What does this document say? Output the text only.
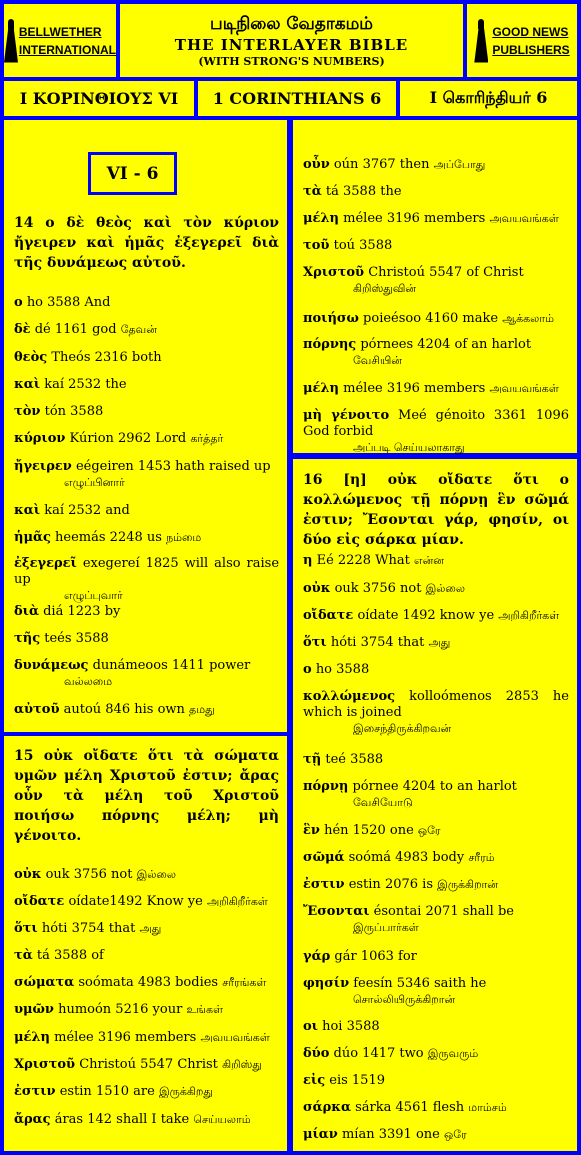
BELLWETHER
INTERNATIONAL
படிநிலை வேதாகமம்
THE INTERLAYER BIBLE
(WITH STRONG'S NUMBERS)
GOOD NEWS
PUBLISHERS
Ι ΚΟΡΙΝΘΙΟΥΣ VI	1 CORINTHIANS 6	I கொரிந்தியர் 6
VI - 6
14 ο δὲ θεὸς καὶ τὸν κύριον ἤγειρεν καὶ ἡμᾶς ἐξεγερεῖ διὰ τῆς δυνάμεως αὐτοῦ.
15 οὐκ οἴδατε ὅτι τὰ σώματα υμῶν μέλη Χριστοῦ ἐστιν; ἄρας οὖν τὰ μέλη τοῦ Χριστοῦ ποιήσω πόρνης μέλη; μὴ γένοιτο.
16 [η] οὐκ οἴδατε ὅτι ο κολλώμενος τῇ πόρνῃ ἓν σῶμά ἐστιν; Ἔσονται γάρ, φησίν, οι δύο εἰς σάρκα μίαν.
ο ho 3588 And
δὲ dé 1161 god தேவன்
θεὸς Theós 2316 both
καὶ kaí 2532 the
τὸν tón 3588
κύριον Kúrion 2962 Lord கர்த்தர்
ἤγειρεν eégeiren 1453 hath raised up
எழுப்பினார்
καὶ kaí 2532 and
ἡμᾶς heemás 2248 us நம்மை
ἐξεγερεῖ exegereí 1825 will also raise up
எழுப்புவார்
διὰ diá 1223 by
τῆς teés 3588
δυνάμεως dunámeoos 1411 power
வல்லமை
αὐτοῦ autoú 846 his own தமது
οὐκ ouk 3756 not இல்லை
οἴδατε oídate1492 Know ye அறிகிறீர்கள்
ὅτι hóti 3754 that அது
τὰ tá 3588 of
σώματα soómata 4983 bodies சரீரங்கள்
υμῶν humoón 5216 your உங்கள்
μέλη mélee 3196 members அவயவங்கள்
Χριστοῦ Christoú 5547 Christ கிறிஸ்து
ἐστιν estin 1510 are இருக்கிறது
ἄρας áras 142 shall I take செய்யலாம்
οὖν oún 3767 then அப்போது
τὰ tá 3588 the
μέλη mélee 3196 members அவயவங்கள்
τοῦ toú 3588
Χριστοῦ Christoú 5547 of Christ
கிறிஸ்துவின்
ποιήσω poieésoo 4160 make ஆக்கலாம்
πόρνης pórnees 4204 of an harlot
வேசியின்
μέλη mélee 3196 members அவயவங்கள்
μὴ γένοιτο Meé génoito 3361 1096 God forbid
அப்படி செய்யலாகாது
η Eé 2228 What என்ன
οὐκ ouk 3756 not இல்லை
οἴδατε oídate 1492 know ye அறிகிறீர்கள்
ὅτι hóti 3754 that அது
ο ho 3588
κολλώμενος kolloómenos 2853 he which is joined
இசைந்திருக்கிறவன்
τῇ teé 3588
πόρνῃ pórnee 4204 to an harlot
வேசியோடு
ἓν hén 1520 one ஒரே
σῶμά soómá 4983 body சரீரம்
ἐστιν estin 2076 is இருக்கிறான்
Ἔσονται ésontai 2071 shall be
இருப்பார்கள்
γάρ gár 1063 for
φησίν feesín 5346 saith he
சொல்லியிருக்கிறான்
οι hoi 3588
δύο dúo 1417 two இருவரும்
εἰς eis 1519
σάρκα sárka 4561 flesh மாம்சம்
μίαν mían 3391 one ஒரே
